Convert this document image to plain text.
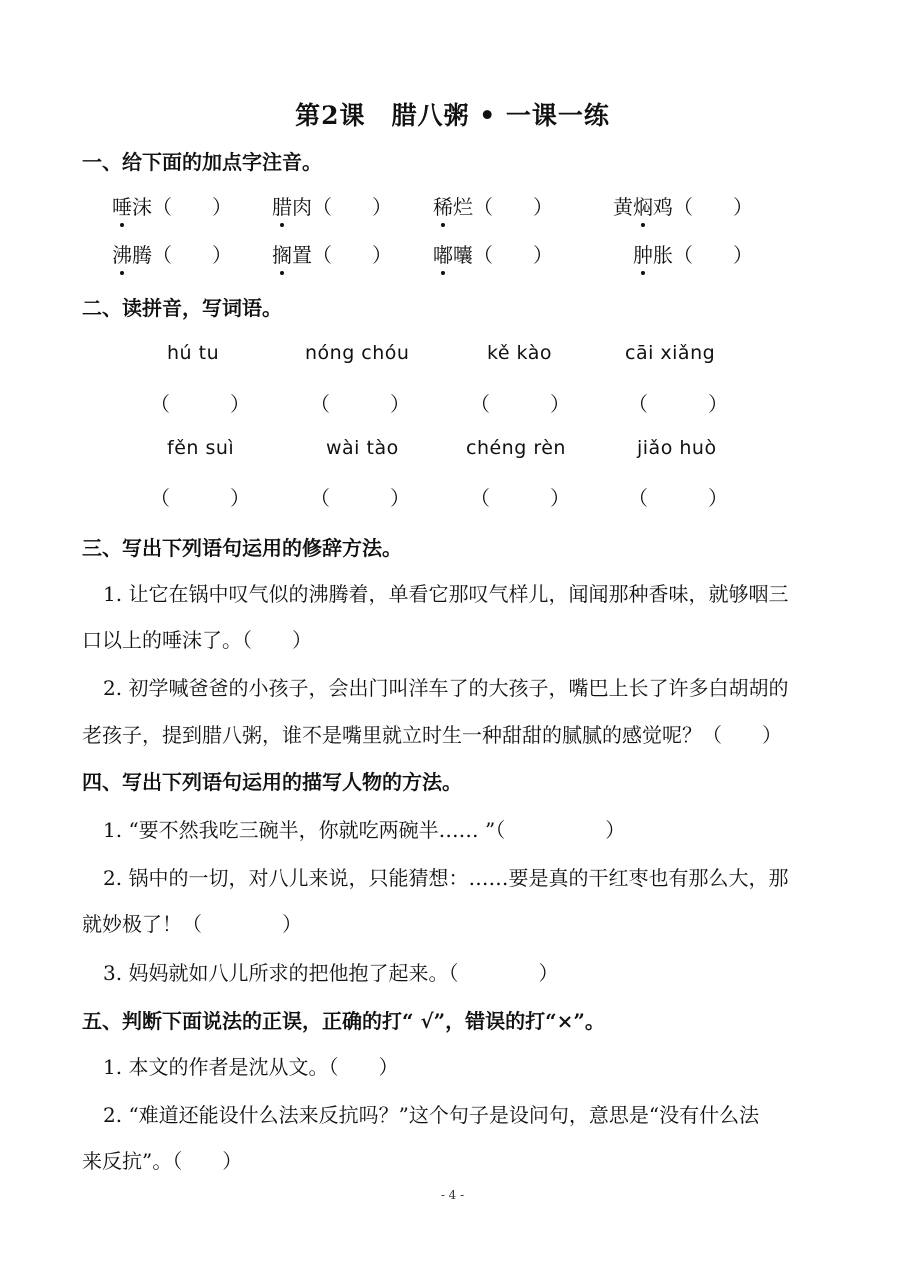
第2课　腊八粥 • 一课一练
一、给下面的加点字注音。
唾沫（　　） 腊肉（　　） 稀烂（　　）	黄焖鸡（　　）
沸腾（　　） 搁置（　　） 嘟囔（　　）	肿胀（　　）
二、读拼音，写词语。
hú tu	nóng chóu	kě kào	cāi xiǎng
（　　　）	（　　　）	（　　　）	（　　　）
fěn suì	wài tào	chéng rèn	jiǎo huò
（　　　）	（　　　）	（　　　）	（　　　）
三、写出下列语句运用的修辞方法。
1. 让它在锅中叹气似的沸腾着，单看它那叹气样儿，闻闻那种香味，就够咽三
口以上的唾沫了。（　　）
2. 初学喊爸爸的小孩子，会出门叫洋车了的大孩子，嘴巴上长了许多白胡胡的
老孩子，提到腊八粥，谁不是嘴里就立时生一种甜甜的腻腻的感觉呢？（　　）
四、写出下列语句运用的描写人物的方法。
1. “要不然我吃三碗半，你就吃两碗半…… ”（　　　　　）
2. 锅中的一切，对八儿来说，只能猜想：……要是真的干红枣也有那么大，那
就妙极了！（　　　　）
3. 妈妈就如八儿所求的把他抱了起来。（　　　　）
五、判断下面说法的正误，正确的打“ √”，错误的打“×”。
1. 本文的作者是沈从文。（　　）
2. “难道还能设什么法来反抗吗？”这个句子是设问句，意思是“没有什么法
来反抗”。（　　）
- 4 -
